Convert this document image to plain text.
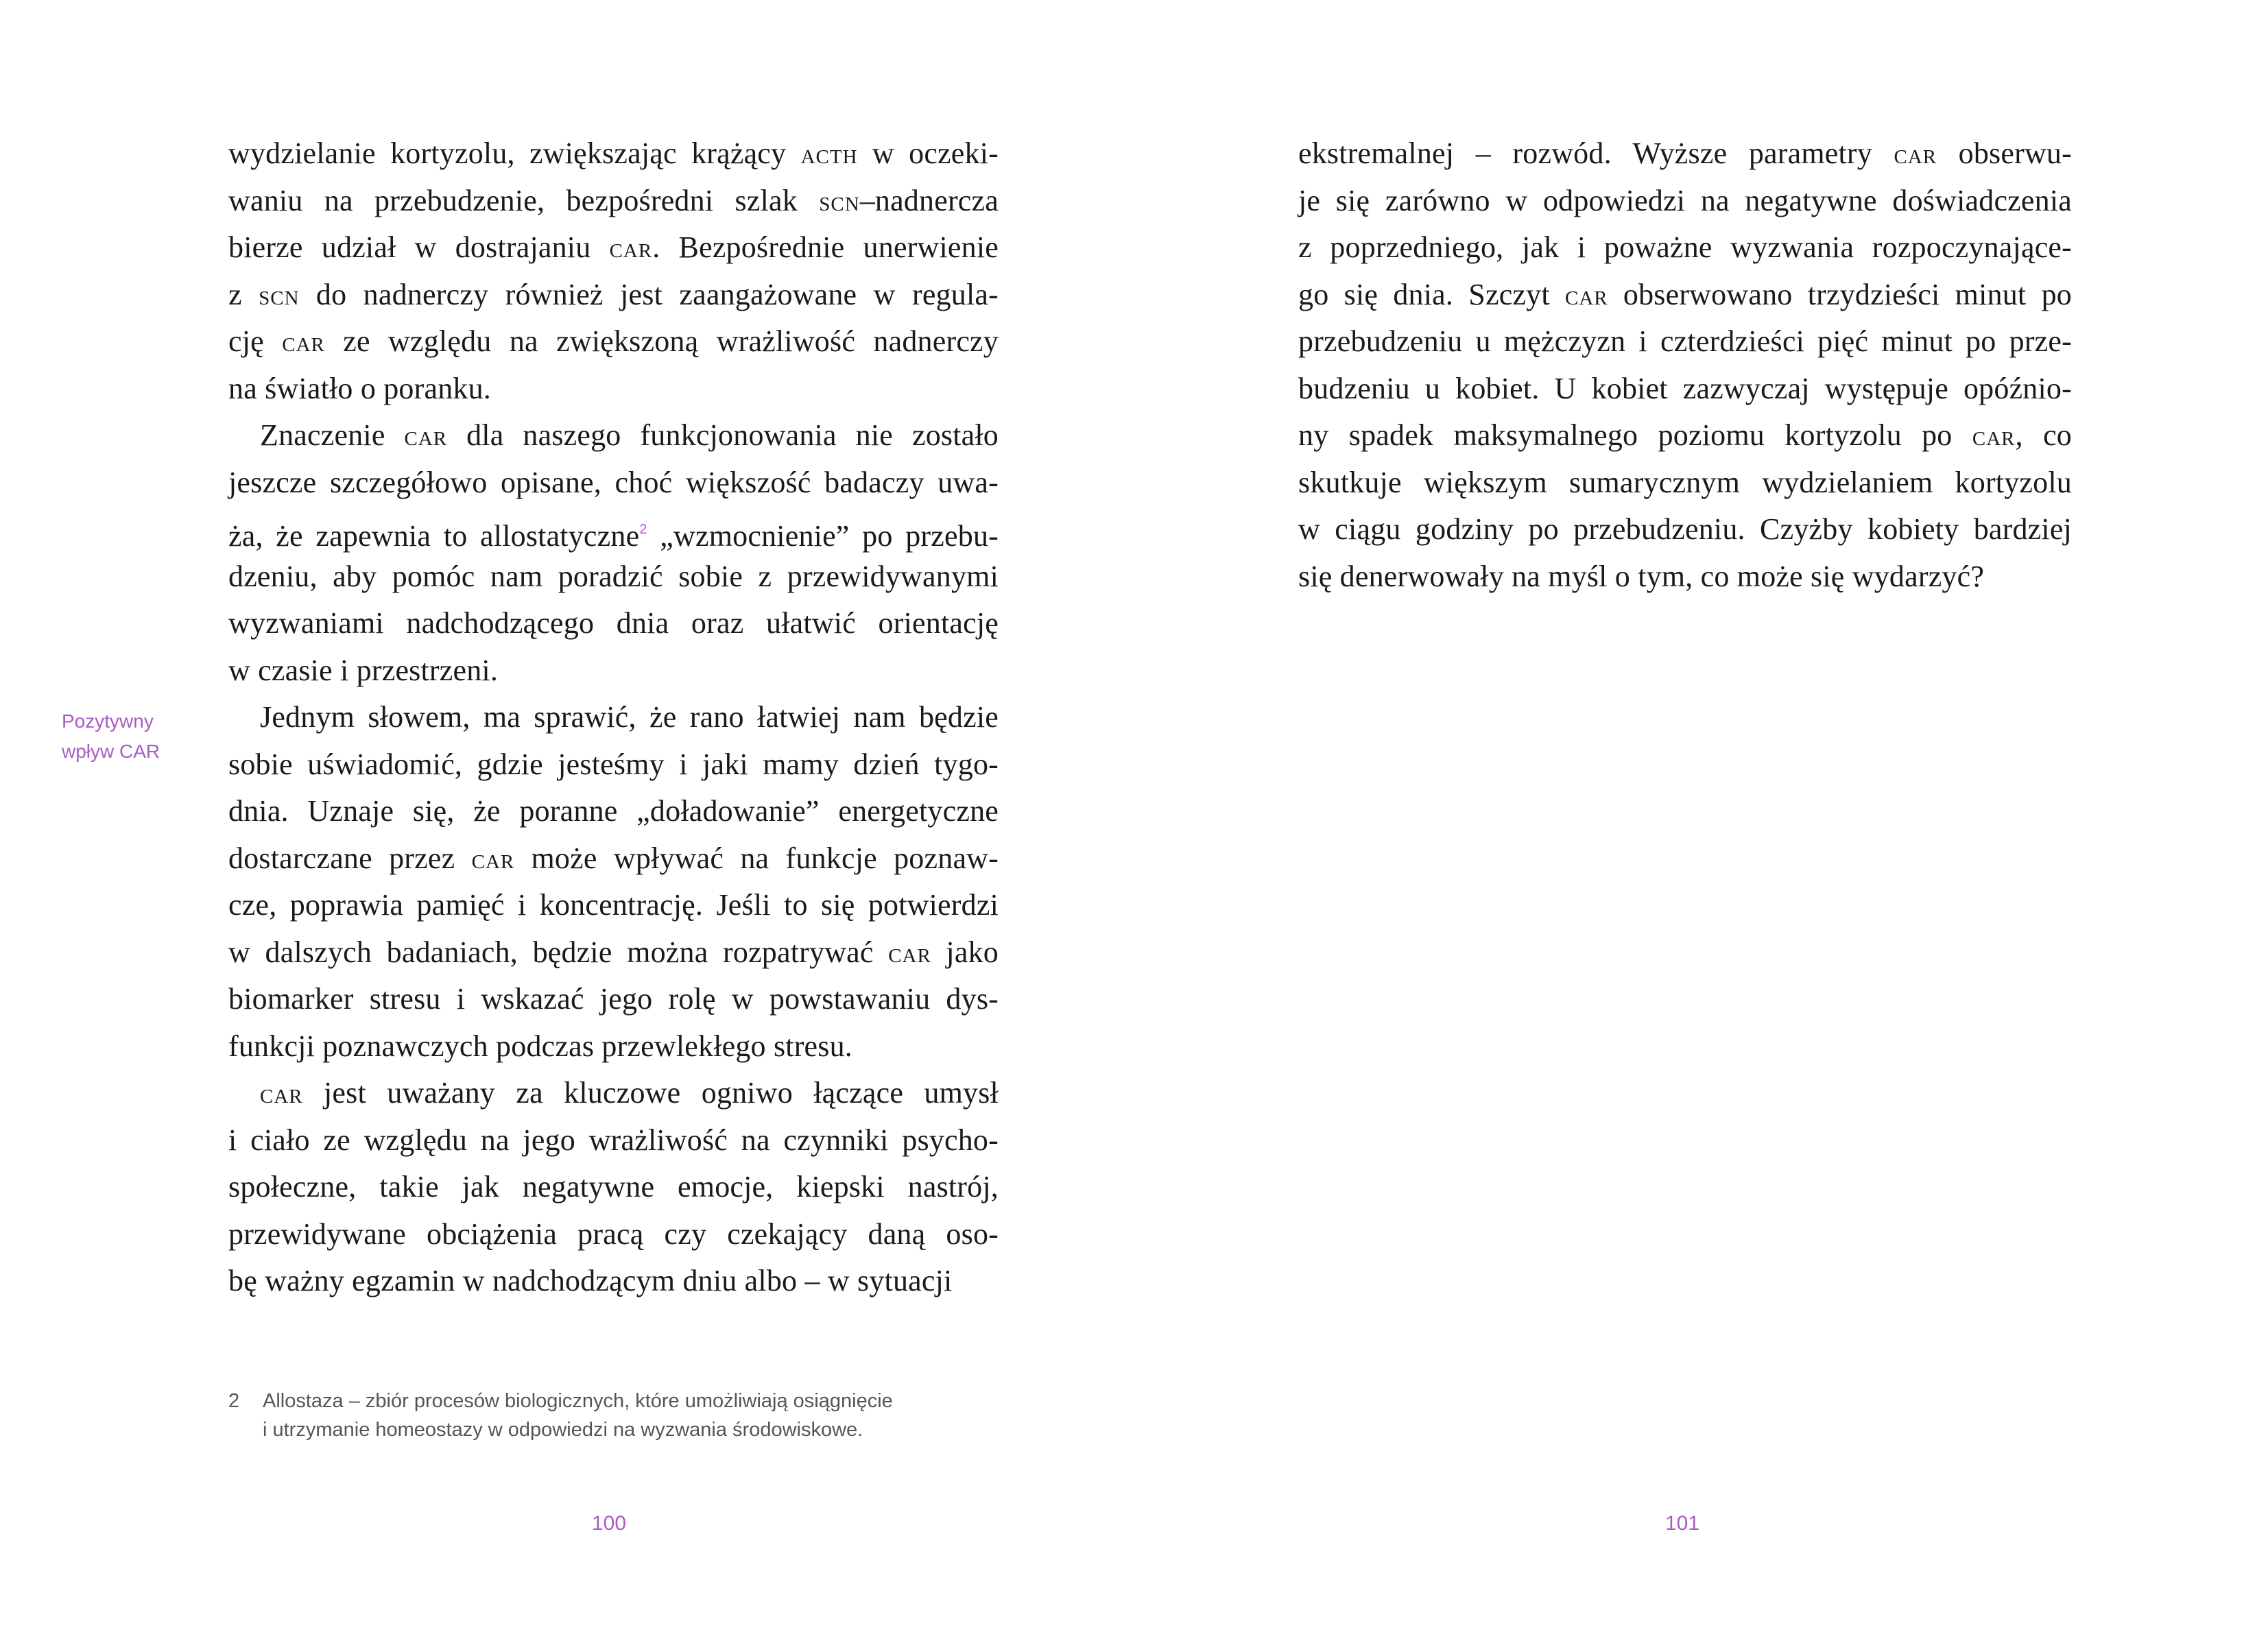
Pozytywny
wpływ CAR
wydzielanie kortyzolu, zwiększając krążący acth w oczeki-
waniu na przebudzenie, bezpośredni szlak scn–nadnercza
bierze udział w dostrajaniu car. Bezpośrednie unerwienie
z scn do nadnerczy również jest zaangażowane w regula-
cję car ze względu na zwiększoną wrażliwość nadnerczy
na światło o poranku.
Znaczenie car dla naszego funkcjonowania nie zostało
jeszcze szczegółowo opisane, choć większość badaczy uwa-
ża, że zapewnia to allostatyczne$^2$ „wzmocnienie” po przebu-
dzeniu, aby pomóc nam poradzić sobie z przewidywanymi
wyzwaniami nadchodzącego dnia oraz ułatwić orientację
w czasie i przestrzeni.
Jednym słowem, ma sprawić, że rano łatwiej nam będzie
sobie uświadomić, gdzie jesteśmy i jaki mamy dzień tygo-
dnia. Uznaje się, że poranne „doładowanie” energetyczne
dostarczane przez car może wpływać na funkcje poznaw-
cze, poprawia pamięć i koncentrację. Jeśli to się potwierdzi
w dalszych badaniach, będzie można rozpatrywać car jako
biomarker stresu i wskazać jego rolę w powstawaniu dys-
funkcji poznawczych podczas przewlekłego stresu.
car jest uważany za kluczowe ogniwo łączące umysł
i ciało ze względu na jego wrażliwość na czynniki psycho-
społeczne, takie jak negatywne emocje, kiepski nastrój,
przewidywane obciążenia pracą czy czekający daną oso-
bę ważny egzamin w nadchodzącym dniu albo – w sytuacji
2 Allostaza – zbiór procesów biologicznych, które umożliwiają osiągnięcie
i utrzymanie homeostazy w odpowiedzi na wyzwania środowiskowe.
100
ekstremalnej – rozwód. Wyższe parametry car obserwu-
je się zarówno w odpowiedzi na negatywne doświadczenia
z poprzedniego, jak i poważne wyzwania rozpoczynające-
go się dnia. Szczyt car obserwowano trzydzieści minut po
przebudzeniu u mężczyzn i czterdzieści pięć minut po prze-
budzeniu u kobiet. U kobiet zazwyczaj występuje opóźnio-
ny spadek maksymalnego poziomu kortyzolu po car, co
skutkuje większym sumarycznym wydzielaniem kortyzolu
w ciągu godziny po przebudzeniu. Czyżby kobiety bardziej
się denerwowały na myśl o tym, co może się wydarzyć?
101
